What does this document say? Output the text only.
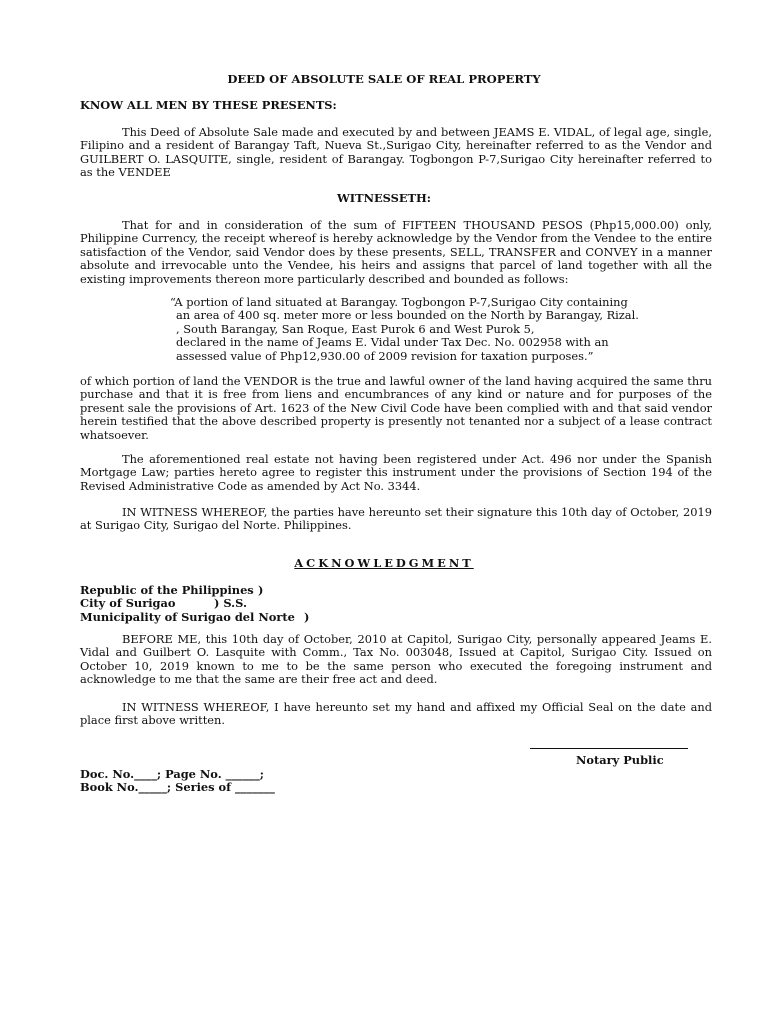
DEED OF ABSOLUTE SALE OF REAL PROPERTY
KNOW ALL MEN BY THESE PRESENTS:
This Deed of Absolute Sale made and executed by and between JEAMS E. VIDAL, of legal age, single, Filipino and a resident of Barangay Taft, Nueva St.,Surigao City, hereinafter referred to as the Vendor and GUILBERT O. LASQUITE, single, resident of Barangay. Togbongon P-7,Surigao City hereinafter referred to as the VENDEE
WITNESSETH:
That for and in consideration of the sum of FIFTEEN THOUSAND PESOS (Php15,000.00) only, Philippine Currency, the receipt whereof is hereby acknowledge by the Vendor from the Vendee to the entire satisfaction of the Vendor, said Vendor does by these presents, SELL, TRANSFER and CONVEY in a manner absolute and irrevocable unto the Vendee, his heirs and assigns that parcel of land together with all the existing improvements thereon more particularly described and bounded as follows:
“A portion of land situated at Barangay. Togbongon P-7,Surigao City containing
an area of 400 sq. meter more or less bounded on the North by Barangay, Rizal.
, South Barangay, San Roque, East Purok 6 and West Purok 5,
declared in the name of Jeams E. Vidal under Tax Dec. No. 002958 with an
assessed value of Php12,930.00 of 2009 revision for taxation purposes.”
of which portion of land the VENDOR is the true and lawful owner of the land having acquired the same thru purchase and that it is free from liens and encumbrances of any kind or nature and for purposes of the present sale the provisions of Art. 1623 of the New Civil Code have been complied with and that said vendor herein testified that the above described property is presently not tenanted nor a subject of a lease contract whatsoever.
The aforementioned real estate not having been registered under Act. 496 nor under the Spanish Mortgage Law; parties hereto agree to register this instrument under the provisions of Section 194 of the Revised Administrative Code as amended by Act No. 3344.
IN WITNESS WHEREOF, the parties have hereunto set their signature this 10th day of October, 2019 at Surigao City, Surigao del Norte. Philippines.
ACKNOWLEDGMENT
Republic of the Philippines )
City of Surigao	) S.S.
Municipality of Surigao del Norte )
BEFORE ME, this 10th day of October, 2010 at Capitol, Surigao City, personally appeared Jeams E. Vidal and Guilbert O. Lasquite with Comm., Tax No. 003048, Issued at Capitol, Surigao City. Issued on October 10, 2019 known to me to be the same person who executed the foregoing instrument and acknowledge to me that the same are their free act and deed.
IN WITNESS WHEREOF, I have hereunto set my hand and affixed my Official Seal on the date and place first above written.
Notary Public
Doc. No.____; Page No. ______;
Book No._____; Series of _______
